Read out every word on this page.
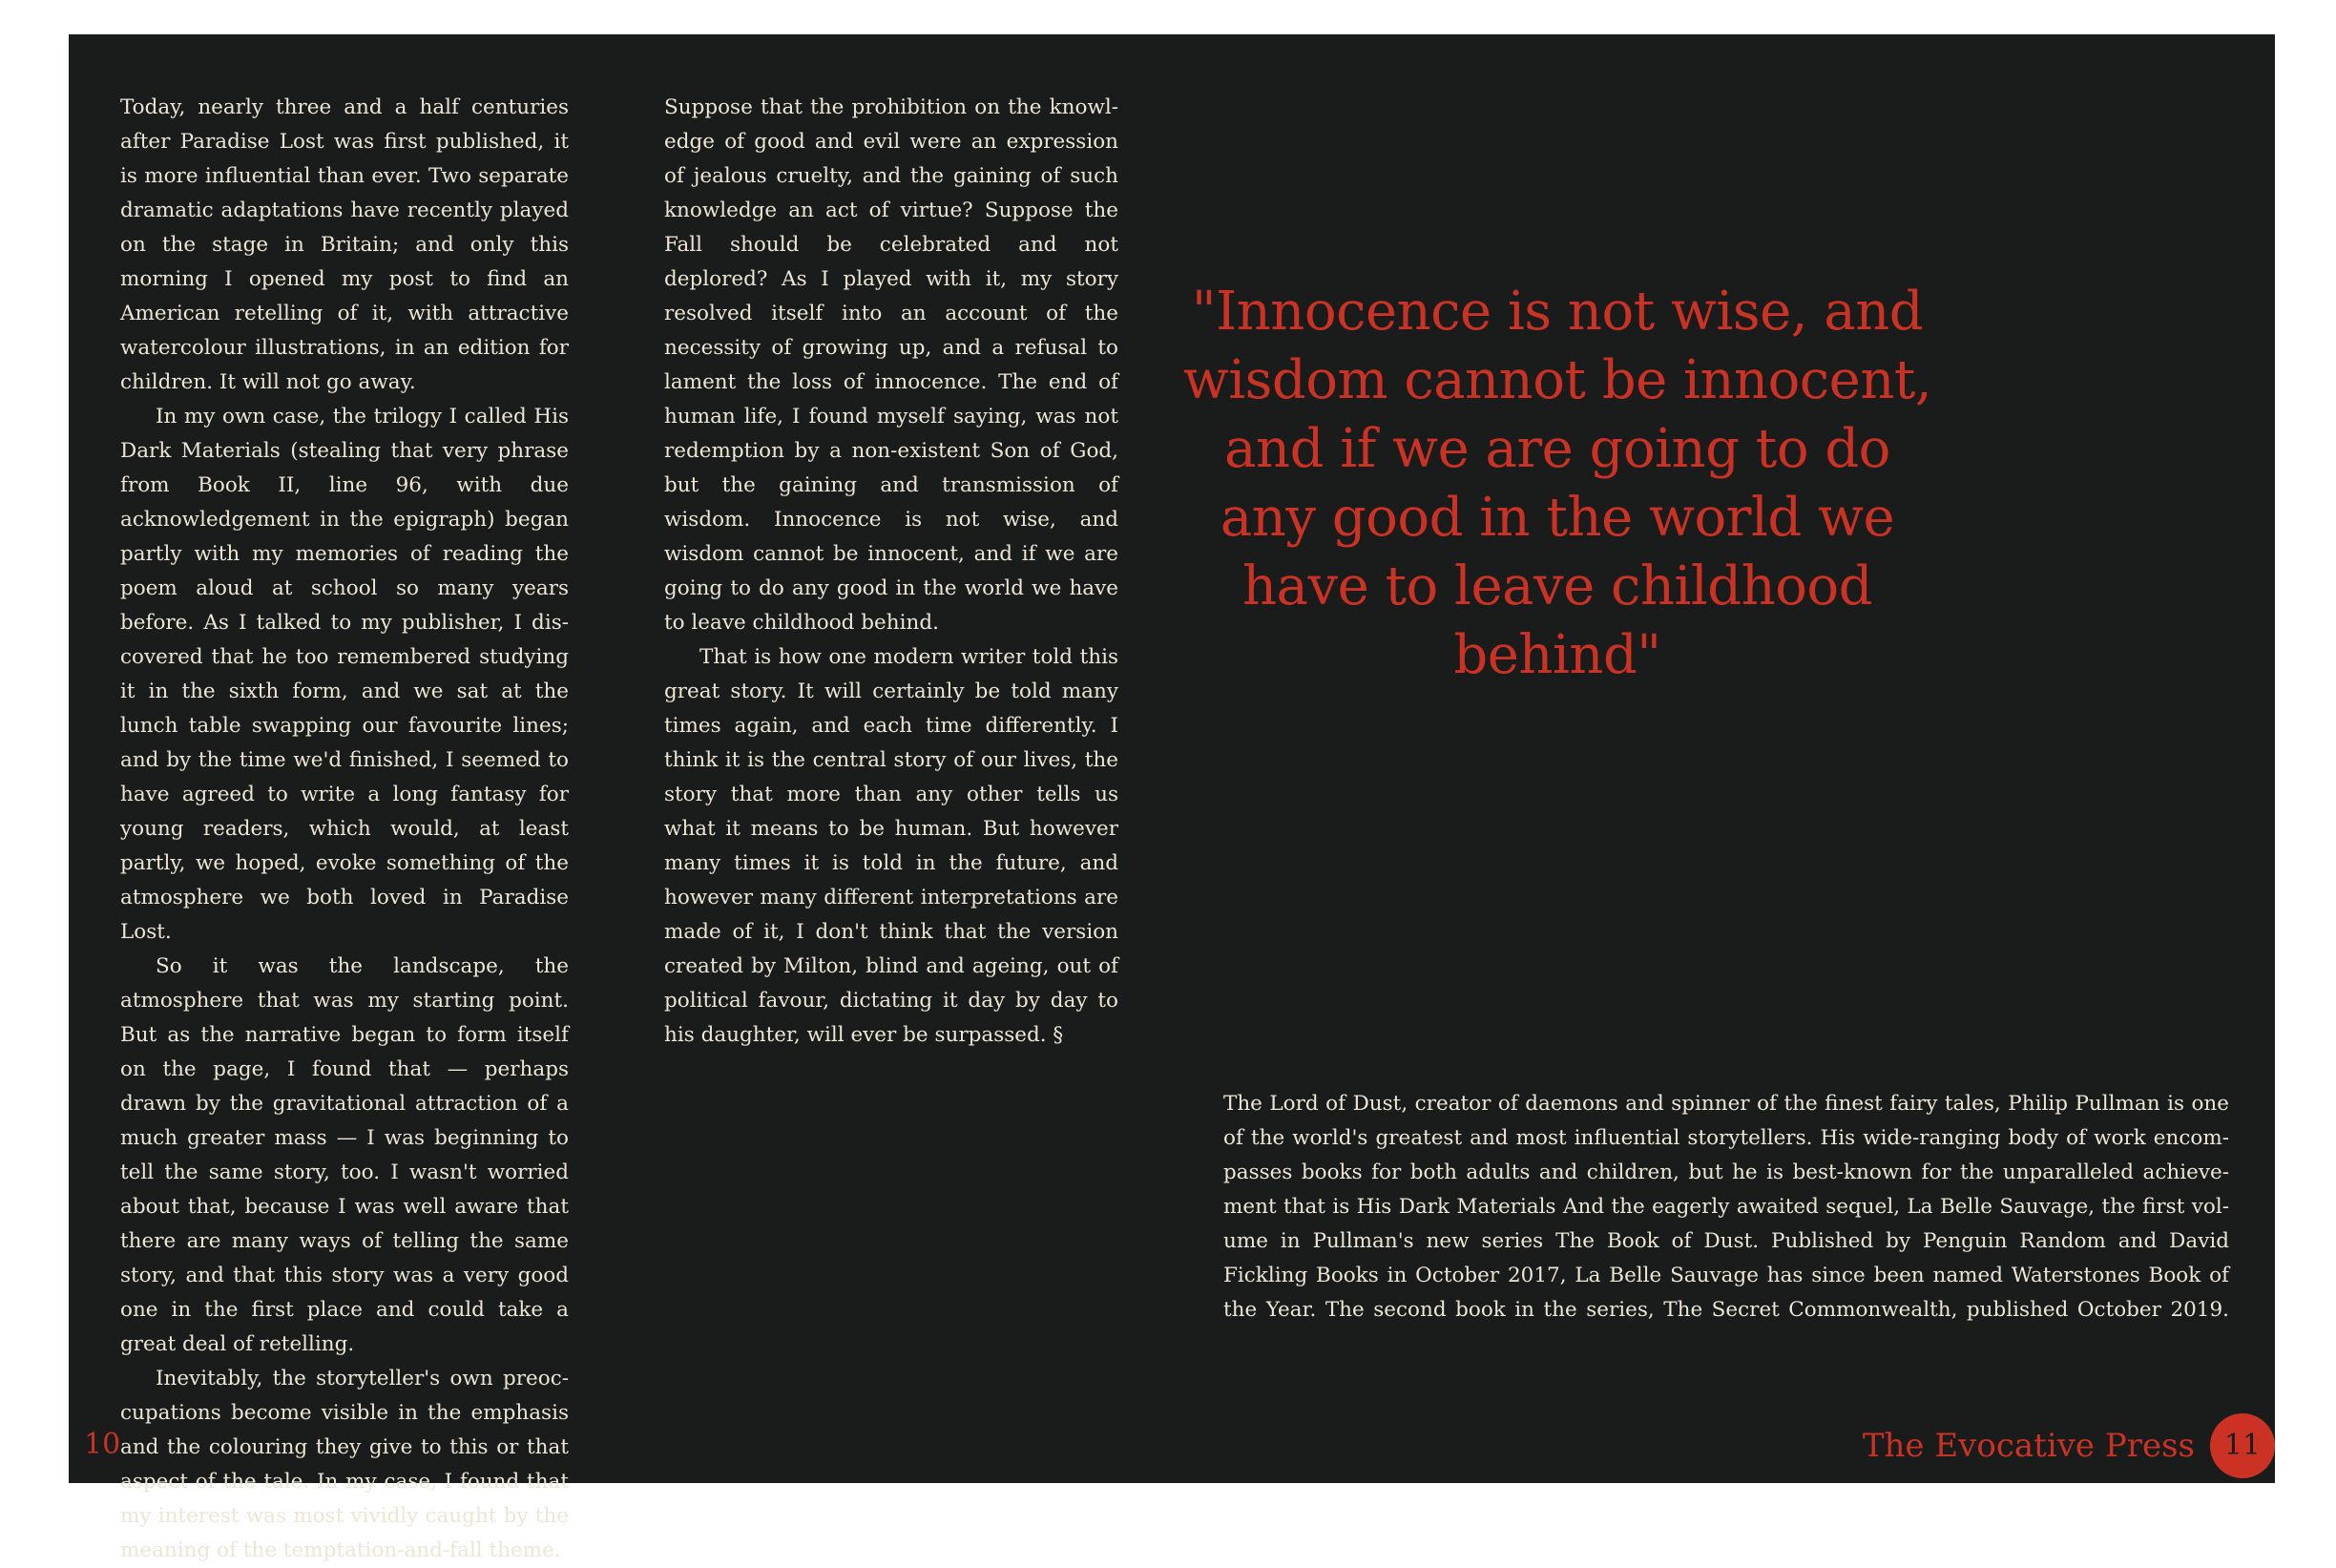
Today, nearly three and a half centuries after Paradise Lost was first published, it is more influential than ever. Two separate dramatic adaptations have recently played on the stage in Britain; and only this morning I opened my post to find an American retelling of it, with attractive watercolour illustrations, in an edition for children. It will not go away.

In my own case, the trilogy I called His Dark Materials (stealing that very phrase from Book II, line 96, with due acknowledgement in the epigraph) began partly with my memories of reading the poem aloud at school so many years before. As I talked to my publisher, I discovered that he too remembered studying it in the sixth form, and we sat at the lunch table swapping our favourite lines; and by the time we'd finished, I seemed to have agreed to write a long fantasy for young readers, which would, at least partly, we hoped, evoke something of the atmosphere we both loved in Paradise Lost.

So it was the landscape, the atmosphere that was my starting point. But as the narrative began to form itself on the page, I found that — perhaps drawn by the gravitational attraction of a much greater mass — I was beginning to tell the same story, too. I wasn't worried about that, because I was well aware that there are many ways of telling the same story, and that this story was a very good one in the first place and could take a great deal of retelling.

Inevitably, the storyteller's own preoccupations become visible in the emphasis and the colouring they give to this or that aspect of the tale. In my case, I found that my interest was most vividly caught by the meaning of the temptation-and-fall theme.

Suppose that the prohibition on the knowledge of good and evil were an expression of jealous cruelty, and the gaining of such knowledge an act of virtue? Suppose the Fall should be celebrated and not deplored? As I played with it, my story resolved itself into an account of the necessity of growing up, and a refusal to lament the loss of innocence. The end of human life, I found myself saying, was not redemption by a non-existent Son of God, but the gaining and transmission of wisdom. Innocence is not wise, and wisdom cannot be innocent, and if we are going to do any good in the world we have to leave childhood behind.

That is how one modern writer told this great story. It will certainly be told many times again, and each time differently. I think it is the central story of our lives, the story that more than any other tells us what it means to be human. But however many times it is told in the future, and however many different interpretations are made of it, I don't think that the version created by Milton, blind and ageing, out of political favour, dictating it day by day to his daughter, will ever be surpassed. §

"Innocence is not wise, and wisdom cannot be innocent, and if we are going to do any good in the world we have to leave childhood behind"
The Lord of Dust, creator of daemons and spinner of the finest fairy tales, Philip Pullman is one of the world's greatest and most influential storytellers. His wide-ranging body of work encompasses books for both adults and children, but he is best-known for the unparalleled achievement that is His Dark Materials And the eagerly awaited sequel, La Belle Sauvage, the first volume in Pullman's new series The Book of Dust. Published by Penguin Random and David Fickling Books in October 2017, La Belle Sauvage has since been named Waterstones Book of the Year. The second book in the series, The Secret Commonwealth, published October 2019.
10	The Evocative Press	11
